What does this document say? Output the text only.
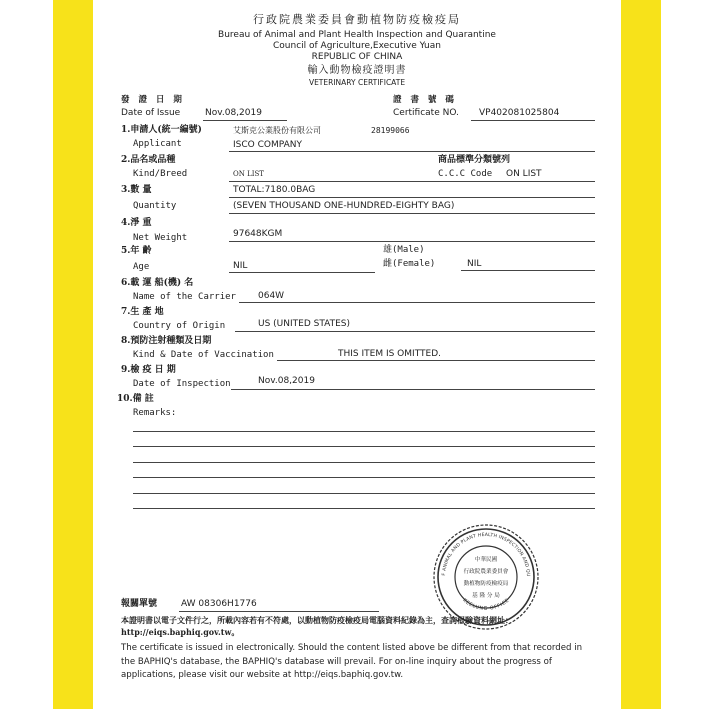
行政院農業委員會動植物防疫檢疫局
Bureau of Animal and Plant Health Inspection and Quarantine
Council of Agriculture,Executive Yuan
REPUBLIC OF CHINA
輸入動物檢疫證明書
VETERINARY CERTIFICATE
發 證 日 期
Date of Issue	Nov.08,2019
證 書 號 碼
Certificate NO. VP402081025804
1.申請人(統一編號)
Applicant
艾斯克公業股份有限公司	28199066
ISCO COMPANY
2.品名或品種
Kind/Breed	ON LIST
商品標準分類號列
C.C.C Code ON LIST
3.數 量
Quantity
TOTAL:7180.0BAG
(SEVEN THOUSAND ONE-HUNDRED-EIGHTY BAG)
4.淨 重
Net Weight	97648KGM
5.年 齡
Age	NIL
雄(Male)
雌(Female)	NIL
6.載 運 船(機) 名
Name of the Carrier 064W
7.生 產 地
Country of Origin	US (UNITED STATES)
8.預防注射種類及日期
Kind & Date of Vaccination	THIS ITEM IS OMITTED.
9.檢 疫 日 期
Date of Inspection	Nov.08,2019
10.備 註
Remarks:
F ANIMAL AND PLANT HEALTH INSPECTION AND QU
KEELUNG OFFICE
中華民國
行政院農業委員會
動植物防疫檢疫局
基 隆 分 局
報關單號	AW 08306H1776
本證明書以電子文件行之，所載內容若有不符處，以動植物防疫檢疫局電腦資料紀錄為主，查詢根驗資料網址：http://eiqs.baphiq.gov.tw。
The certificate is issued in electronically. Should the content listed above be different from that recorded in the BAPHIQ's database, the BAPHIQ's database will prevail. For on-line inquiry about the progress of applications, please visit our website at http://eiqs.baphiq.gov.tw.
